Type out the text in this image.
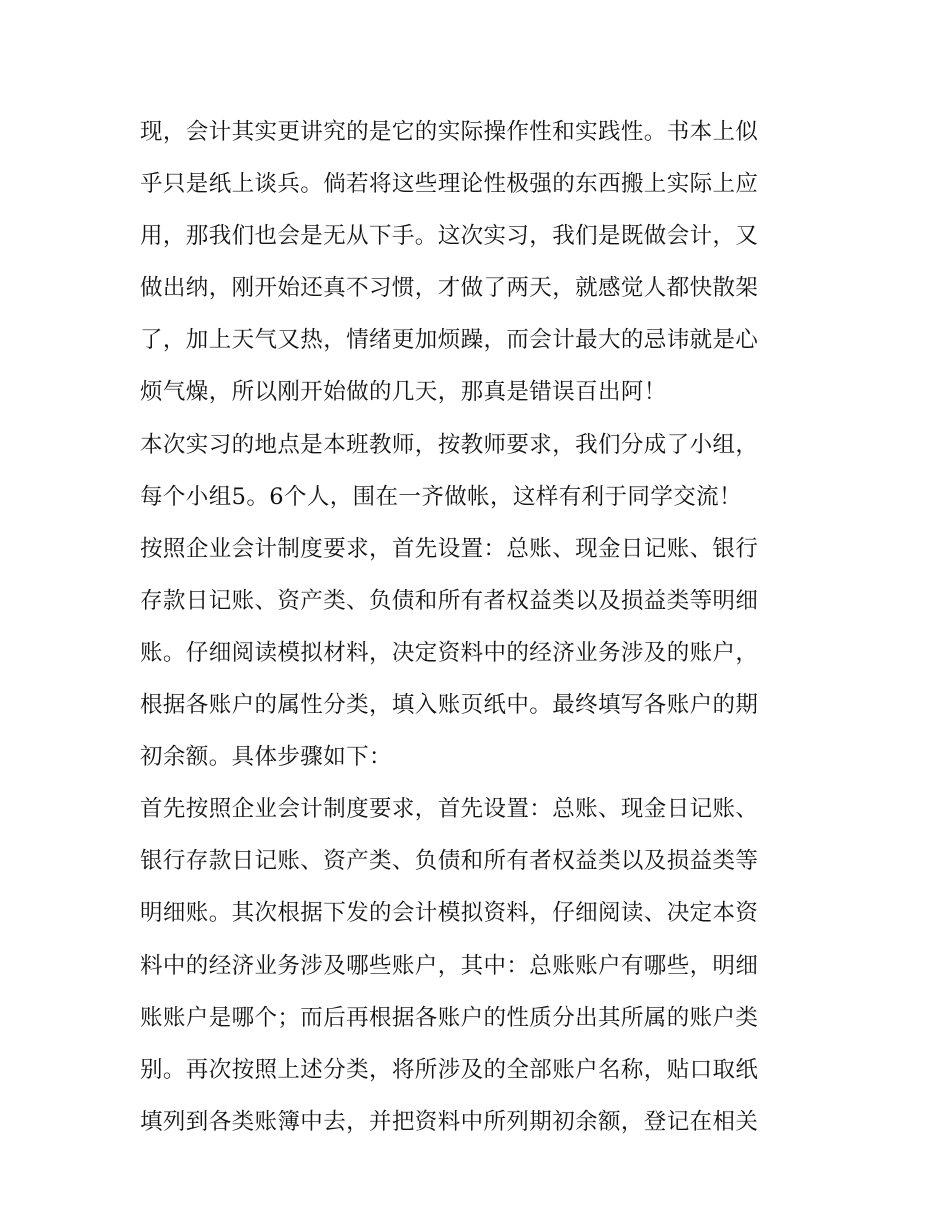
现，会计其实更讲究的是它的实际操作性和实践性。书本上似
乎只是纸上谈兵。倘若将这些理论性极强的东西搬上实际上应
用，那我们也会是无从下手。这次实习，我们是既做会计，又
做出纳，刚开始还真不习惯，才做了两天，就感觉人都快散架
了，加上天气又热，情绪更加烦躁，而会计最大的忌讳就是心
烦气燥，所以刚开始做的几天，那真是错误百出阿！
本次实习的地点是本班教师，按教师要求，我们分成了小组，
每个小组5。6个人，围在一齐做帐，这样有利于同学交流！
按照企业会计制度要求，首先设置：总账、现金日记账、银行
存款日记账、资产类、负债和所有者权益类以及损益类等明细
账。仔细阅读模拟材料，决定资料中的经济业务涉及的账户，
根据各账户的属性分类，填入账页纸中。最终填写各账户的期
初余额。具体步骤如下：
首先按照企业会计制度要求，首先设置：总账、现金日记账、
银行存款日记账、资产类、负债和所有者权益类以及损益类等
明细账。其次根据下发的会计模拟资料，仔细阅读、决定本资
料中的经济业务涉及哪些账户，其中：总账账户有哪些，明细
账账户是哪个；而后再根据各账户的性质分出其所属的账户类
别。再次按照上述分类，将所涉及的全部账户名称，贴口取纸
填列到各类账簿中去，并把资料中所列期初余额，登记在相关
